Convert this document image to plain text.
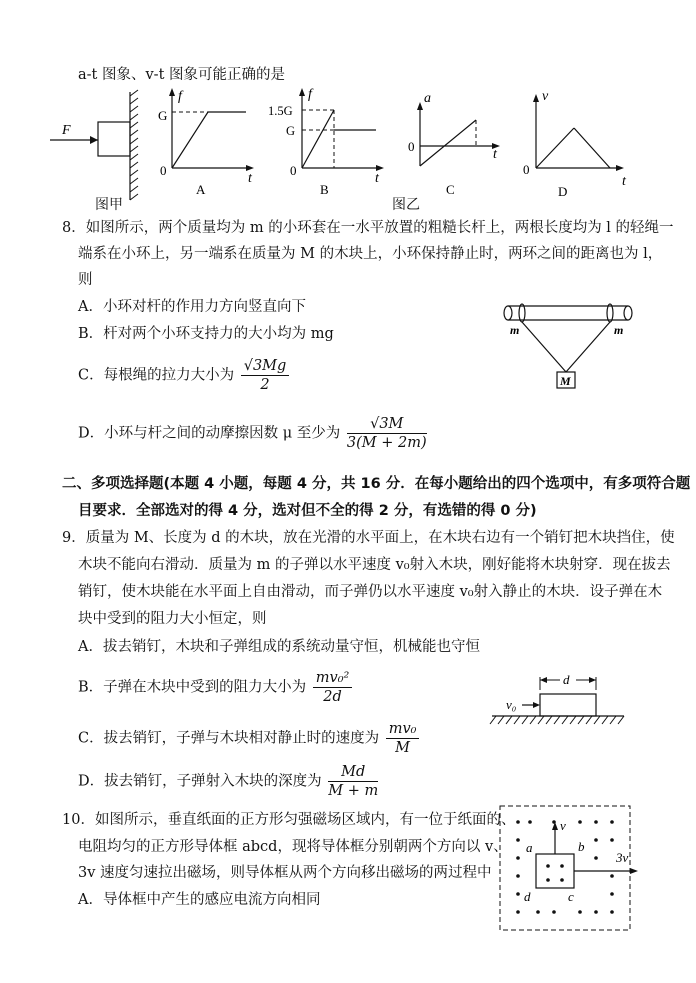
a-t 图象、v-t 图象可能正确的是
F
图甲
f
G
0
t
A
f
1.5G
G
0
t
B
图乙
a
0
t
C
v
0
t
D
8．如图所示，两个质量均为 m 的小环套在一水平放置的粗糙长杆上，两根长度均为 l 的轻绳一
端系在小环上，另一端系在质量为 M 的木块上，小环保持静止时，两环之间的距离也为 l，
则
A．小环对杆的作用力方向竖直向下
B．杆对两个小环支持力的大小均为 mg
C．每根绳的拉力大小为 $\frac{√3Mg}{2}$
D．小环与杆之间的动摩擦因数 μ 至少为 $\frac{√3M}{3(M + 2m)}$
m	m
M
二、多项选择题(本题 4 小题，每题 4 分，共 16 分．在每小题给出的四个选项中，有多项符合题
目要求．全部选对的得 4 分，选对但不全的得 2 分，有选错的得 0 分)
9．质量为 M、长度为 d 的木块，放在光滑的水平面上，在木块右边有一个销钉把木块挡住，使
木块不能向右滑动．质量为 m 的子弹以水平速度 v₀射入木块，刚好能将木块射穿．现在拔去
销钉，使木块能在水平面上自由滑动，而子弹仍以水平速度 v₀射入静止的木块．设子弹在木
块中受到的阻力大小恒定，则
A．拔去销钉，木块和子弹组成的系统动量守恒，机械能也守恒
B．子弹在木块中受到的阻力大小为 $\frac{\text{mv₀²}}{2d}$
C．拔去销钉，子弹与木块相对静止时的速度为 $\frac{\text{mv₀}}{M}$
D．拔去销钉，子弹射入木块的深度为 $\frac{Md}{M + m}$
d
v₀
10．如图所示，垂直纸面的正方形匀强磁场区域内，有一位于纸面的、
电阻均匀的正方形导体框 abcd，现将导体框分别朝两个方向以 v、
3v 速度匀速拉出磁场，则导体框从两个方向移出磁场的两过程中
A．导体框中产生的感应电流方向相同
v
3v
a	b
c
d
